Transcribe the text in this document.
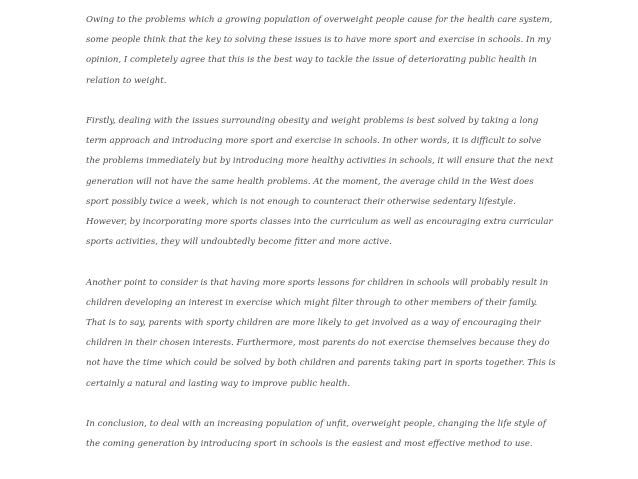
Owing to the problems which a growing population of overweight people cause for the health care system, some people think that the key to solving these issues is to have more sport and exercise in schools. In my opinion, I completely agree that this is the best way to tackle the issue of deteriorating public health in relation to weight.

Firstly, dealing with the issues surrounding obesity and weight problems is best solved by taking a long term approach and introducing more sport and exercise in schools. In other words, it is difficult to solve the problems immediately but by introducing more healthy activities in schools, it will ensure that the next generation will not have the same health problems. At the moment, the average child in the West does sport possibly twice a week, which is not enough to counteract their otherwise sedentary lifestyle. However, by incorporating more sports classes into the curriculum as well as encouraging extra curricular sports activities, they will undoubtedly become fitter and more active.

Another point to consider is that having more sports lessons for children in schools will probably result in children developing an interest in exercise which might filter through to other members of their family. That is to say, parents with sporty children are more likely to get involved as a way of encouraging their children in their chosen interests. Furthermore, most parents do not exercise themselves because they do not have the time which could be solved by both children and parents taking part in sports together. This is certainly a natural and lasting way to improve public health.

In conclusion, to deal with an increasing population of unfit, overweight people, changing the life style of the coming generation by introducing sport in schools is the easiest and most effective method to use.
